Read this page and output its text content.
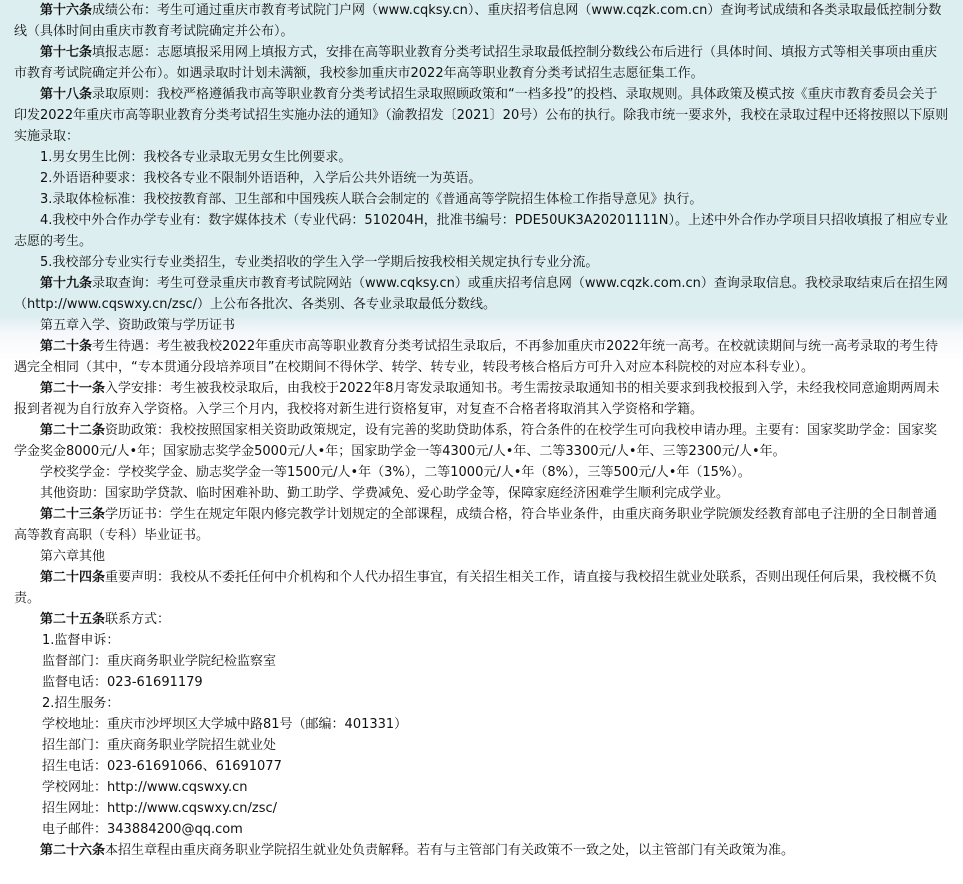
第十六条成绩公布：考生可通过重庆市教育考试院门户网（www.cqksy.cn）、重庆招考信息网（www.cqzk.com.cn）查询考试成绩和各类录取最低控制分数线（具体时间由重庆市教育考试院确定并公布）。

第十七条填报志愿：志愿填报采用网上填报方式，安排在高等职业教育分类考试招生录取最低控制分数线公布后进行（具体时间、填报方式等相关事项由重庆市教育考试院确定并公布）。如遇录取时计划未满额，我校参加重庆市2022年高等职业教育分类考试招生志愿征集工作。

第十八条录取原则：我校严格遵循我市高等职业教育分类考试招生录取照顾政策和“一档多投”的投档、录取规则。具体政策及模式按《重庆市教育委员会关于印发2022年重庆市高等职业教育分类考试招生实施办法的通知》（渝教招发〔2021〕20号）公布的执行。除我市统一要求外，我校在录取过程中还将按照以下原则实施录取：

1.男女男生比例：我校各专业录取无男女生比例要求。

2.外语语种要求：我校各专业不限制外语语种，入学后公共外语统一为英语。

3.录取体检标准：我校按教育部、卫生部和中国残疾人联合会制定的《普通高等学院招生体检工作指导意见》执行。

4.我校中外合作办学专业有：数字媒体技术（专业代码：510204H，批准书编号：PDE50UK3A20201111N）。上述中外合作办学项目只招收填报了相应专业志愿的考生。

5.我校部分专业实行专业类招生，专业类招收的学生入学一学期后按我校相关规定执行专业分流。

第十九条录取查询：考生可登录重庆市教育考试院网站（www.cqksy.cn）或重庆招考信息网（www.cqzk.com.cn）查询录取信息。我校录取结束后在招生网（http://www.cqswxy.cn/zsc/）上公布各批次、各类别、各专业录取最低分数线。

第五章入学、资助政策与学历证书

第二十条考生待遇：考生被我校2022年重庆市高等职业教育分类考试招生录取后，不再参加重庆市2022年统一高考。在校就读期间与统一高考录取的考生待遇完全相同（其中，“专本贯通分段培养项目”在校期间不得休学、转学、转专业，转段考核合格后方可升入对应本科院校的对应本科专业）。

第二十一条入学安排：考生被我校录取后，由我校于2022年8月寄发录取通知书。考生需按录取通知书的相关要求到我校报到入学，未经我校同意逾期两周未报到者视为自行放弃入学资格。入学三个月内，我校将对新生进行资格复审，对复查不合格者将取消其入学资格和学籍。

第二十二条资助政策：我校按照国家相关资助政策规定，设有完善的奖助贷助体系，符合条件的在校学生可向我校申请办理。主要有：国家奖助学金：国家奖学金奖金8000元/人•年；国家励志奖学金5000元/人•年；国家助学金一等4300元/人•年、二等3300元/人•年、三等2300元/人•年。

学校奖学金：学校奖学金、励志奖学金一等1500元/人•年（3%），二等1000元/人•年（8%），三等500元/人•年（15%）。

其他资助：国家助学贷款、临时困难补助、勤工助学、学费减免、爱心助学金等，保障家庭经济困难学生顺利完成学业。

第二十三条学历证书：学生在规定年限内修完教学计划规定的全部课程，成绩合格，符合毕业条件，由重庆商务职业学院颁发经教育部电子注册的全日制普通高等教育高职（专科）毕业证书。

第六章其他

第二十四条重要声明：我校从不委托任何中介机构和个人代办招生事宜，有关招生相关工作，请直接与我校招生就业处联系，否则出现任何后果，我校概不负责。

第二十五条联系方式：

1.监督申诉：

监督部门：重庆商务职业学院纪检监察室

监督电话：023-61691179

2.招生服务：

学校地址：重庆市沙坪坝区大学城中路81号（邮编：401331）

招生部门：重庆商务职业学院招生就业处

招生电话：023-61691066、61691077

学校网址：http://www.cqswxy.cn

招生网址：http://www.cqswxy.cn/zsc/

电子邮件：343884200@qq.com

第二十六条本招生章程由重庆商务职业学院招生就业处负责解释。若有与主管部门有关政策不一致之处，以主管部门有关政策为准。
